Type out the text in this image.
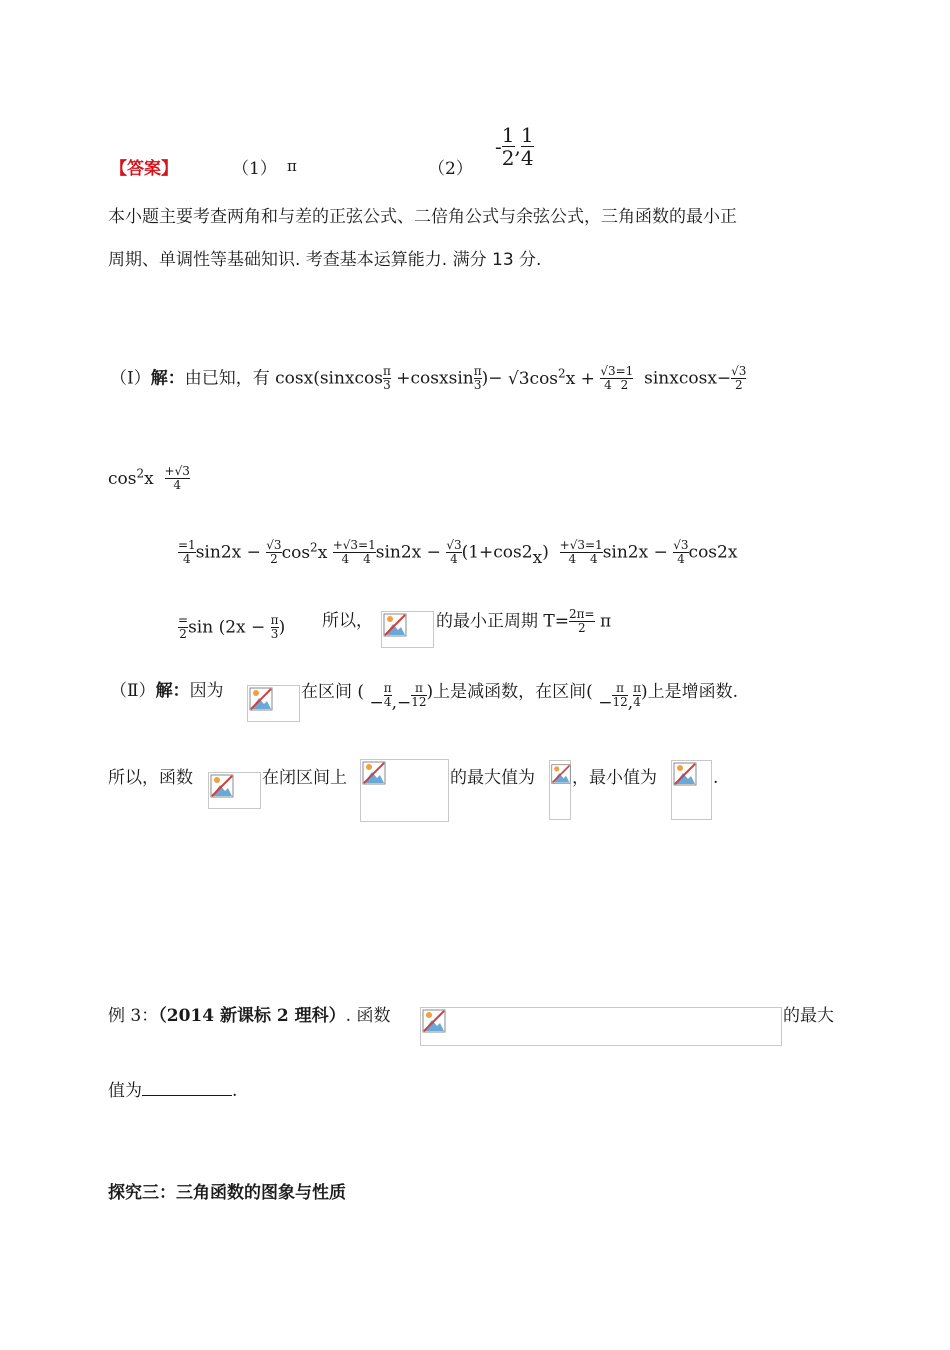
【答案】	（1） π	（2）
- $\frac{1}{2}$ , $\frac{1}{4}$
本小题主要考查两角和与差的正弦公式、二倍角公式与余弦公式，三角函数的最小正
周期、单调性等基础知识. 考查基本运算能力. 满分 13 分.
（Ⅰ）解：由已知，有 cosx(sinxcos $\frac{\pi}{3}$ +cosxsin $\frac{\pi}{3}$ )− $√3\cos^2x + \frac{√3}{4} \frac{=1}{2}$ sinxcosx− $\frac{√3}{2}$
$\cos^2x \frac{+√3}{4}$
$\frac{=1}{4} \sin 2x - \frac{√3}{2} \cos^2x \frac{+√3}{4} \frac{=1}{4} \sin 2x - \frac{√3}{4} (1+\cos 2x) \frac{+√3}{4} \frac{=1}{4} \sin 2x - \frac{√3}{4} \cos 2x$
$\frac{=}{2}$ $\sin (2x - \frac{\pi}{3}$ ) 所以，	的最小正周期 $T= \frac{2\pi=}{2}$ π
（Ⅱ）解：因为	在区间 ( − $\frac{\pi}{4}$ ,− $\frac{\pi}{12}$ )上是减函数，在区间( − $\frac{\pi}{12}$ , $\frac{\pi}{4}$ )上是增函数.
所以，函数	在闭区间上	的最大值为 ，最小值为	.
例 3：（2014 新课标 2 理科）. 函数	的最大
值为	.
探究三：三角函数的图象与性质
